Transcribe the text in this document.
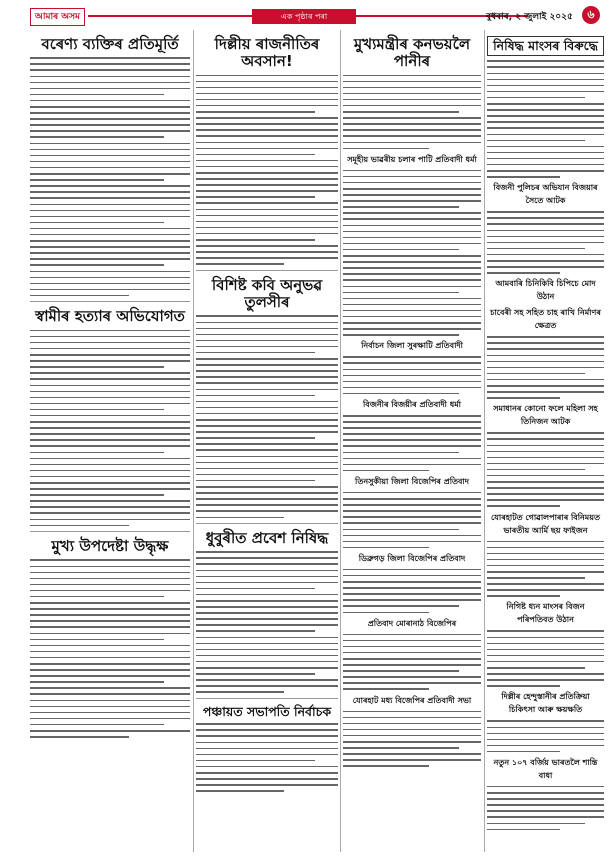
আমাৰ অসম	এক পৃষ্ঠাৰ পৰা	বুধবাৰ, ২ জুলাই ২০২৫	৬
বৰেণ্য ব্যক্তিৰ প্ৰতিমূৰ্তি
স্বামীৰ হত্যাৰ অভিযোগত
মুখ্য উপদেষ্টা উদ্ধৃক্ষ
দিল্লীয় ৰাজনীতিৰ অবসান!
বিশিষ্ট কবি অনুভৱ তুলসীৰ
ধুবুৰীত প্ৰবেশ নিষিদ্ধ
পঞ্চায়ত সভাপতি নিৰ্বাচক
মুখ্যমন্ত্ৰীৰ কনভয়লৈ পানীৰ
সমূহীয় ভাৱৰীয় চলাৰ পাটি প্ৰতিবাদী ধৰ্মা
নিৰ্বাচন জিলা সুৰক্ষাটি প্ৰতিবাদী
বিজনীৰ বিজয়ীৰ প্ৰতিবাদী ধৰ্মা
তিনসুকীয়া জিলা বিজেপিৰ প্ৰতিবাদ
ডিব্ৰুগড় জিলা বিজেপিৰ প্ৰতিবাদ
প্ৰতিবাদ মোৰানাঠ বিজেপিৰ
যোৰহাট মধ্য বিজেপিৰ প্ৰতিবাদী সভা
নিষিদ্ধ মাংসৰ বিৰুদ্ধে
বিজনী পুলিচৰ অভিযান বিজয়াৰ সৈতে আটক
আমবাৰি চিনিকিবি চিপিচে মোদ উঠান
চাবেৰী সহ সহিত চাহ ৰাখি নিৰ্মাণৰ ক্ষেত্ৰত
সমাধানৰ কোনো ফলে মহিলা সহ তিনিজন আটক
যোৰহাটত গোৱালপাৰাৰ বিনিময়ত ভাৰতীয় আৰ্মি ছয় ফাইজন
নিগিষ্ট ধ্যন মাংসৰ বিজন পৰিপতিবত উঠান
দিল্লীৰ হেন্দুস্তানীৰ প্ৰতিক্ৰিয়া চিকিৎসা আৰু ক্ষয়ক্ষতি
নতুন ১০৭ বৰ্জিয় ভাৰতলৈ শান্তি বাধা
